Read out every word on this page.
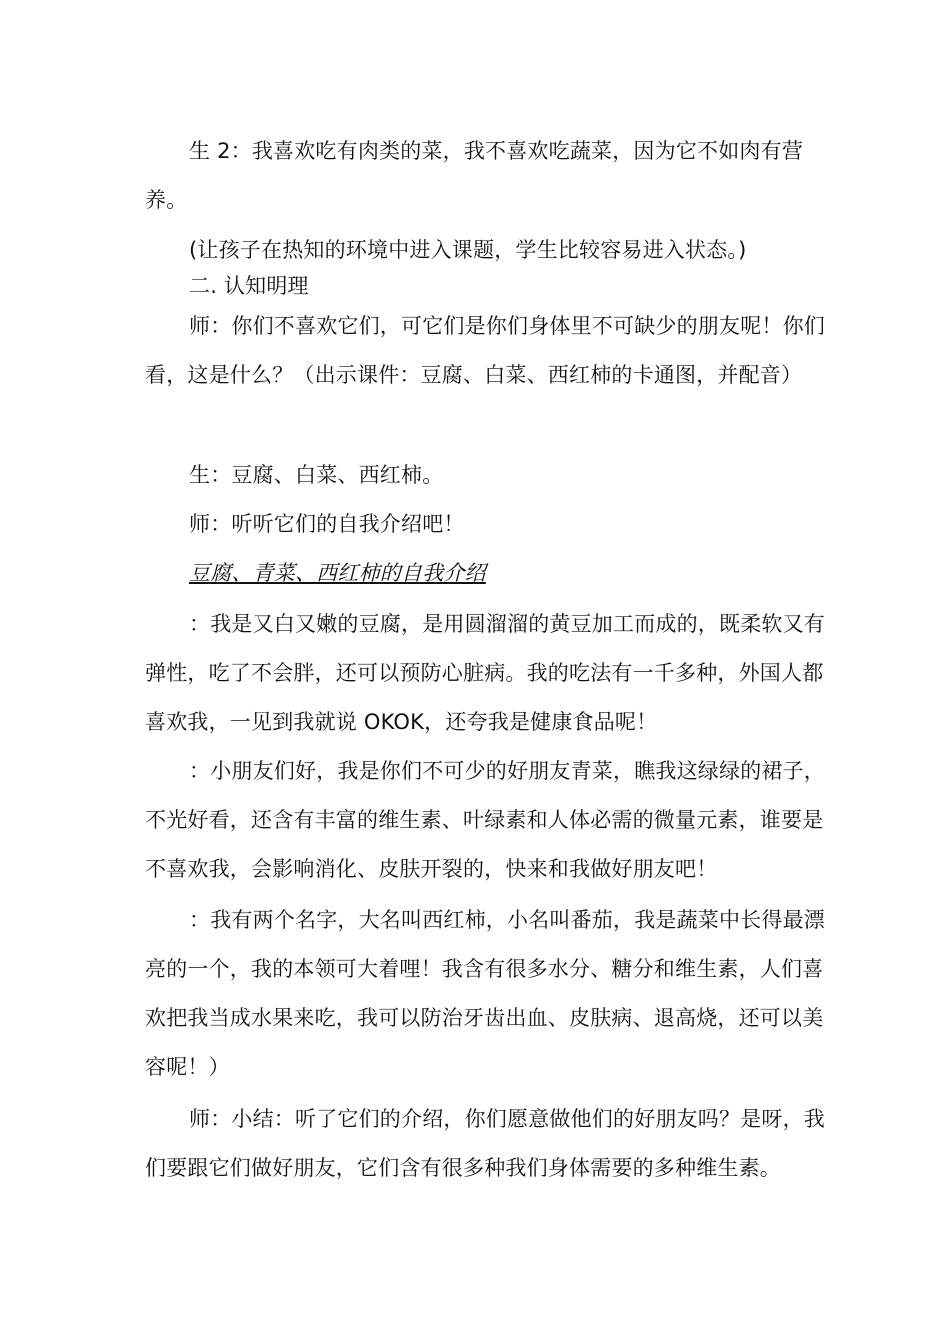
生 2：我喜欢吃有肉类的菜，我不喜欢吃蔬菜，因为它不如肉有营养。

(让孩子在热知的环境中进入课题，学生比较容易进入状态。)

二. 认知明理

师：你们不喜欢它们，可它们是你们身体里不可缺少的朋友呢！你们看，这是什么？（出示课件：豆腐、白菜、西红柿的卡通图，并配音）

生：豆腐、白菜、西红柿。

师：听听它们的自我介绍吧！

豆腐、青菜、西红柿的自我介绍

：我是又白又嫩的豆腐，是用圆溜溜的黄豆加工而成的，既柔软又有弹性，吃了不会胖，还可以预防心脏病。我的吃法有一千多种，外国人都喜欢我，一见到我就说 OKOK，还夸我是健康食品呢！

：小朋友们好，我是你们不可少的好朋友青菜，瞧我这绿绿的裙子，不光好看，还含有丰富的维生素、叶绿素和人体必需的微量元素，谁要是不喜欢我，会影响消化、皮肤开裂的，快来和我做好朋友吧！

：我有两个名字，大名叫西红柿，小名叫番茄，我是蔬菜中长得最漂亮的一个，我的本领可大着哩！我含有很多水分、糖分和维生素，人们喜欢把我当成水果来吃，我可以防治牙齿出血、皮肤病、退高烧，还可以美容呢！）

师：小结：听了它们的介绍，你们愿意做他们的好朋友吗？是呀，我们要跟它们做好朋友，它们含有很多种我们身体需要的多种维生素。
